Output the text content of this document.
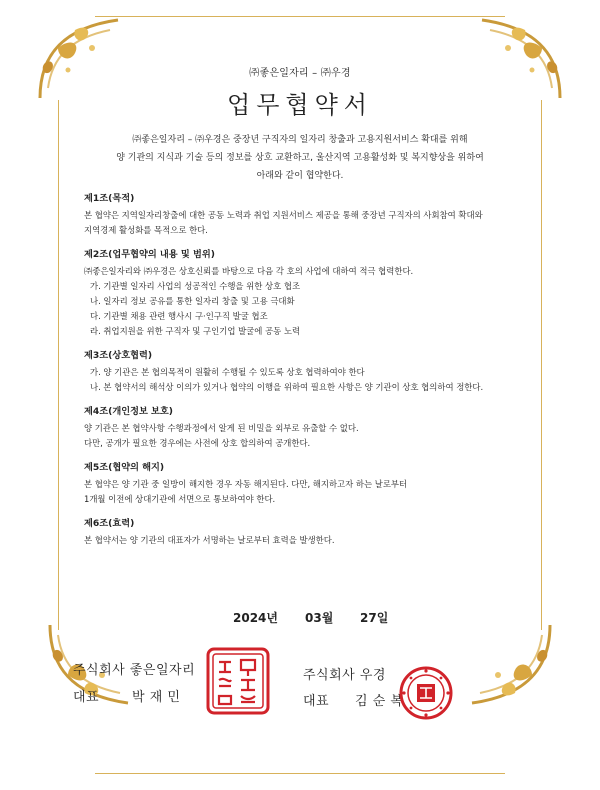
㈜좋은일자리 – ㈜우경
업무협약서
㈜좋은일자리 – ㈜우경은 중장년 구직자의 일자리 창출과 고용지원서비스 확대를 위해
양 기관의 지식과 기술 등의 정보를 상호 교환하고, 울산지역 고용활성화 및 복지향상을 위하여
아래와 같이 협약한다.
제1조(목적)
본 협약은 지역일자리창출에 대한 공동 노력과 취업 지원서비스 제공을 통해 중장년 구직자의 사회참여 확대와
지역경제 활성화를 목적으로 한다.
제2조(업무협약의 내용 및 범위)
㈜좋은일자리와 ㈜우경은 상호신뢰를 바탕으로 다음 각 호의 사업에 대하여 적극 협력한다.
가. 기관별 일자리 사업의 성공적인 수행을 위한 상호 협조
나. 일자리 정보 공유를 통한 일자리 창출 및 고용 극대화
다. 기관별 채용 관련 행사시 구·인구직 발굴 협조
라. 취업지원을 위한 구직자 및 구인기업 발굴에 공동 노력
제3조(상호협력)
가. 양 기관은 본 협의목적이 원활히 수행될 수 있도록 상호 협력하여야 한다
나. 본 협약서의 해석상 이의가 있거나 협약의 이행을 위하여 필요한 사항은 양 기관이 상호 협의하여 정한다.
제4조(개인정보 보호)
양 기관은 본 협약사항 수행과정에서 알게 된 비밀을 외부로 유출할 수 없다.
다만, 공개가 필요한 경우에는 사전에 상호 합의하여 공개한다.
제5조(협약의 해지)
본 협약은 양 기관 중 일방이 해지한 경우 자동 해지된다. 다만, 해지하고자 하는 날로부터
1개월 이전에 상대기관에 서면으로 통보하여야 한다.
제6조(효력)
본 협약서는 양 기관의 대표자가 서명하는 날로부터 효력을 발생한다.
2024년 03월 27일
주식회사 좋은일자리
대표	박 재 민
주식회사 우경
대표 김 순 복
